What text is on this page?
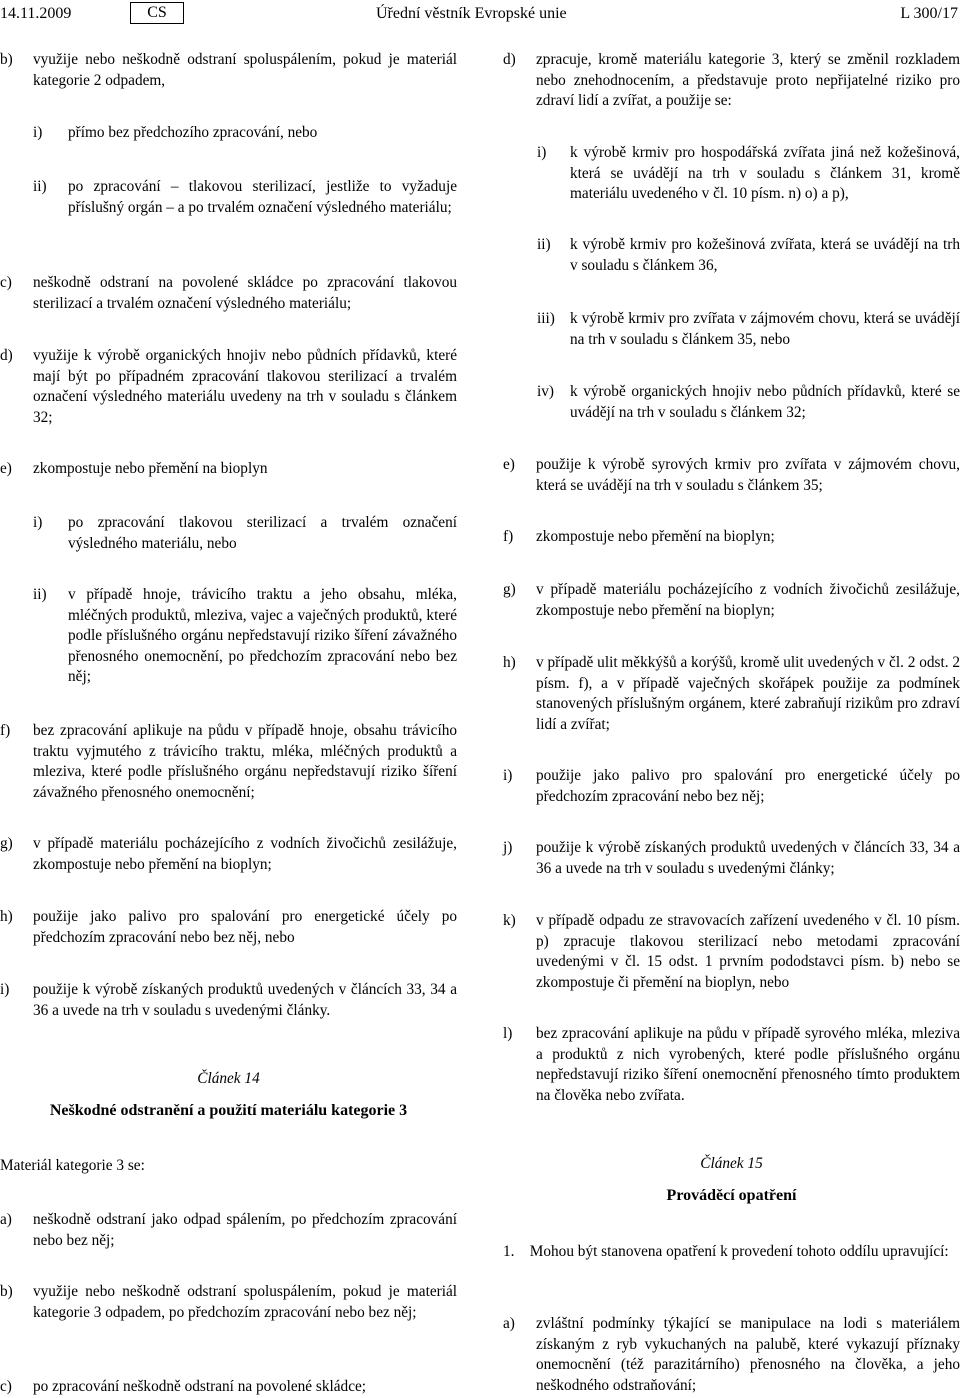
14.11.2009	CS	Úřední věstník Evropské unie	L 300/17
b) využije nebo neškodně odstraní spoluspálením, pokud je materiál kategorie 2 odpadem,
i) přímo bez předchozího zpracování, nebo
ii) po zpracování – tlakovou sterilizací, jestliže to vyžaduje příslušný orgán – a po trvalém označení výsledného materiálu;
c) neškodně odstraní na povolené skládce po zpracování tlakovou sterilizací a trvalém označení výsledného materiálu;
d) využije k výrobě organických hnojiv nebo půdních přídavků, které mají být po případném zpracování tlakovou sterilizací a trvalém označení výsledného materiálu uvedeny na trh v souladu s článkem 32;
e) zkompostuje nebo přemění na bioplyn
i) po zpracování tlakovou sterilizací a trvalém označení výsledného materiálu, nebo
ii) v případě hnoje, trávicího traktu a jeho obsahu, mléka, mléčných produktů, mleziva, vajec a vaječných produktů, které podle příslušného orgánu nepředstavují riziko šíření závažného přenosného onemocnění, po předchozím zpracování nebo bez něj;
f) bez zpracování aplikuje na půdu v případě hnoje, obsahu trávicího traktu vyjmutého z trávicího traktu, mléka, mléčných produktů a mleziva, které podle příslušného orgánu nepředstavují riziko šíření závažného přenosného onemocnění;
g) v případě materiálu pocházejícího z vodních živočichů zesilážuje, zkompostuje nebo přemění na bioplyn;
h) použije jako palivo pro spalování pro energetické účely po předchozím zpracování nebo bez něj, nebo
i) použije k výrobě získaných produktů uvedených v článcích 33, 34 a 36 a uvede na trh v souladu s uvedenými články.
Článek 14
Neškodné odstranění a použití materiálu kategorie 3
Materiál kategorie 3 se:
a) neškodně odstraní jako odpad spálením, po předchozím zpracování nebo bez něj;
b) využije nebo neškodně odstraní spoluspálením, pokud je materiál kategorie 3 odpadem, po předchozím zpracování nebo bez něj;
c) po zpracování neškodně odstraní na povolené skládce;
d) zpracuje, kromě materiálu kategorie 3, který se změnil rozkladem nebo znehodnocením, a představuje proto nepřijatelné riziko pro zdraví lidí a zvířat, a použije se:
i) k výrobě krmiv pro hospodářská zvířata jiná než kožešinová, která se uvádějí na trh v souladu s článkem 31, kromě materiálu uvedeného v čl. 10 písm. n) o) a p),
ii) k výrobě krmiv pro kožešinová zvířata, která se uvádějí na trh v souladu s článkem 36,
iii) k výrobě krmiv pro zvířata v zájmovém chovu, která se uvádějí na trh v souladu s článkem 35, nebo
iv) k výrobě organických hnojiv nebo půdních přídavků, které se uvádějí na trh v souladu s článkem 32;
e) použije k výrobě syrových krmiv pro zvířata v zájmovém chovu, která se uvádějí na trh v souladu s článkem 35;
f) zkompostuje nebo přemění na bioplyn;
g) v případě materiálu pocházejícího z vodních živočichů zesilážuje, zkompostuje nebo přemění na bioplyn;
h) v případě ulit měkkýšů a korýšů, kromě ulit uvedených v čl. 2 odst. 2 písm. f), a v případě vaječných skořápek použije za podmínek stanovených příslušným orgánem, které zabraňují rizikům pro zdraví lidí a zvířat;
i) použije jako palivo pro spalování pro energetické účely po předchozím zpracování nebo bez něj;
j) použije k výrobě získaných produktů uvedených v článcích 33, 34 a 36 a uvede na trh v souladu s uvedenými články;
k) v případě odpadu ze stravovacích zařízení uvedeného v čl. 10 písm. p) zpracuje tlakovou sterilizací nebo metodami zpracování uvedenými v čl. 15 odst. 1 prvním pododstavci písm. b) nebo se zkompostuje či přemění na bioplyn, nebo
l) bez zpracování aplikuje na půdu v případě syrového mléka, mleziva a produktů z nich vyrobených, které podle příslušného orgánu nepředstavují riziko šíření onemocnění přenosného tímto produktem na člověka nebo zvířata.
Článek 15
Prováděcí opatření
1. Mohou být stanovena opatření k provedení tohoto oddílu upravující:
a) zvláštní podmínky týkající se manipulace na lodi s materiálem získaným z ryb vykuchaných na palubě, které vykazují příznaky onemocnění (též parazitárního) přenosného na člověka, a jeho neškodného odstraňování;
